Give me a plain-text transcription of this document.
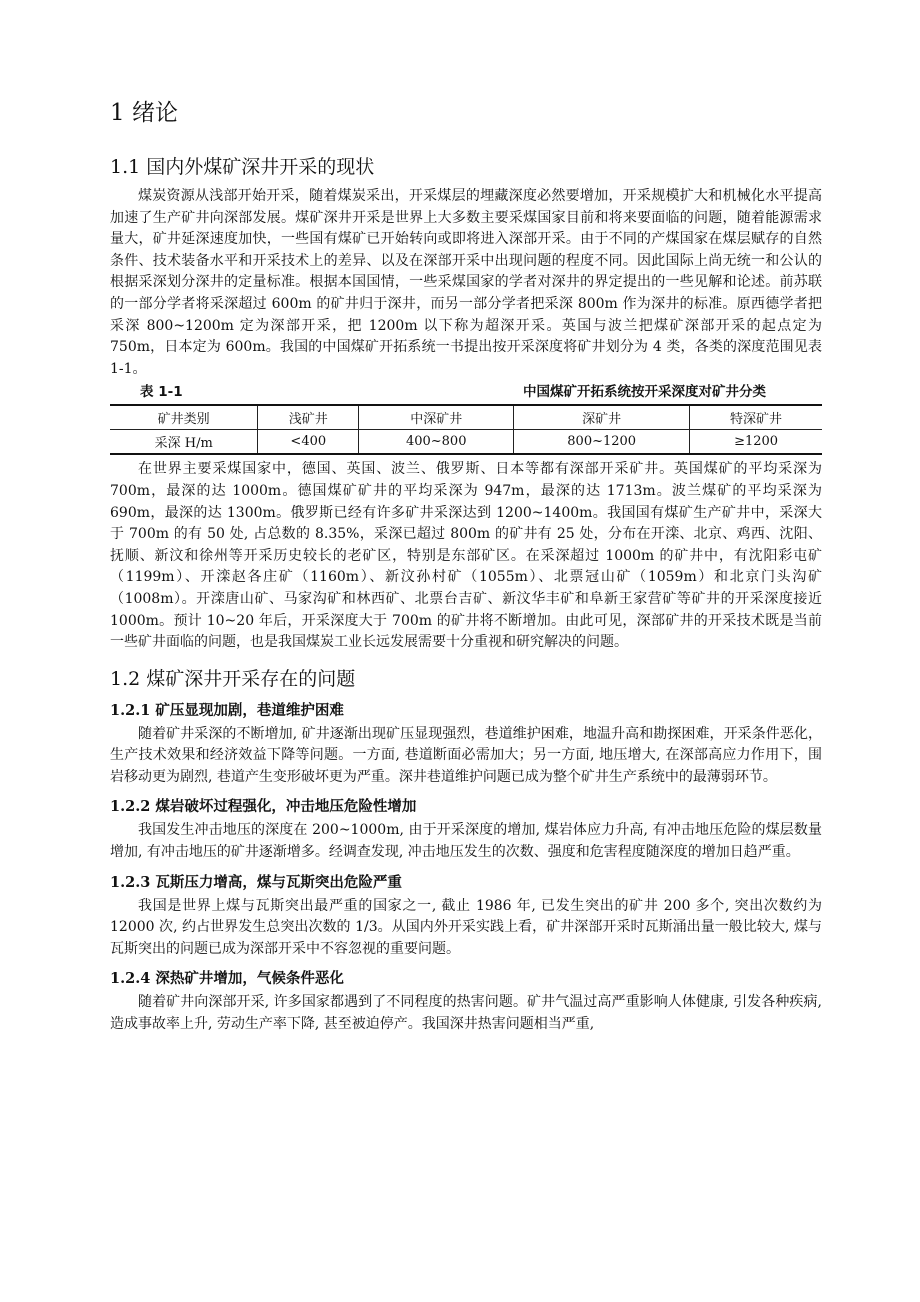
1 绪论
1.1 国内外煤矿深井开采的现状

煤炭资源从浅部开始开采，随着煤炭采出，开采煤层的埋藏深度必然要增加，开采规模扩大和机械化水平提高加速了生产矿井向深部发展。煤矿深井开采是世界上大多数主要采煤国家目前和将来要面临的问题，随着能源需求量大，矿井延深速度加快，一些国有煤矿已开始转向或即将进入深部开采。由于不同的产煤国家在煤层赋存的自然条件、技术装备水平和开采技术上的差异、以及在深部开采中出现问题的程度不同。因此国际上尚无统一和公认的根据采深划分深井的定量标准。根据本国国情，一些采煤国家的学者对深井的界定提出的一些见解和论述。前苏联的一部分学者将采深超过 600m 的矿井归于深井，而另一部分学者把采深 800m 作为深井的标准。原西德学者把采深 800~1200m 定为深部开采，把 1200m 以下称为超深开采。英国与波兰把煤矿深部开采的起点定为 750m，日本定为 600m。我国的中国煤矿开拓系统一书提出按开采深度将矿井划分为 4 类，各类的深度范围见表 1-1。

表 1-1	中国煤矿开拓系统按开采深度对矿井分类
矿井类别	浅矿井	中深矿井	深矿井	特深矿井
采深 H/m	<400	400~800	800~1200	≥1200

在世界主要采煤国家中，德国、英国、波兰、俄罗斯、日本等都有深部开采矿井。英国煤矿的平均采深为 700m，最深的达 1000m。德国煤矿矿井的平均采深为 947m，最深的达 1713m。波兰煤矿的平均采深为 690m，最深的达 1300m。俄罗斯已经有许多矿井采深达到 1200~1400m。我国国有煤矿生产矿井中，采深大于 700m 的有 50 处, 占总数的 8.35%，采深已超过 800m 的矿井有 25 处，分布在开滦、北京、鸡西、沈阳、抚顺、新汶和徐州等开采历史较长的老矿区，特别是东部矿区。在采深超过 1000m 的矿井中，有沈阳彩屯矿（1199m）、开滦赵各庄矿（1160m）、新汶孙村矿（1055m）、北票冠山矿（1059m）和北京门头沟矿（1008m）。开滦唐山矿、马家沟矿和林西矿、北票台吉矿、新汶华丰矿和阜新王家营矿等矿井的开采深度接近 1000m。预计 10~20 年后，开采深度大于 700m 的矿井将不断增加。由此可见，深部矿井的开采技术既是当前一些矿井面临的问题，也是我国煤炭工业长远发展需要十分重视和研究解决的问题。

1.2 煤矿深井开采存在的问题
1.2.1 矿压显现加剧，巷道维护困难

随着矿井采深的不断增加, 矿井逐渐出现矿压显现强烈，巷道维护困难，地温升高和勘探困难，开采条件恶化，生产技术效果和经济效益下降等问题。一方面, 巷道断面必需加大；另一方面, 地压增大, 在深部高应力作用下，围岩移动更为剧烈, 巷道产生变形破坏更为严重。深井巷道维护问题已成为整个矿井生产系统中的最薄弱环节。

1.2.2 煤岩破坏过程强化，冲击地压危险性增加

我国发生冲击地压的深度在 200~1000m, 由于开采深度的增加, 煤岩体应力升高, 有冲击地压危险的煤层数量增加, 有冲击地压的矿井逐渐增多。经调查发现, 冲击地压发生的次数、强度和危害程度随深度的增加日趋严重。

1.2.3 瓦斯压力增高，煤与瓦斯突出危险严重

我国是世界上煤与瓦斯突出最严重的国家之一, 截止 1986 年, 已发生突出的矿井 200 多个, 突出次数约为 12000 次, 约占世界发生总突出次数的 1/3。从国内外开采实践上看，矿井深部开采时瓦斯涌出量一般比较大, 煤与瓦斯突出的问题已成为深部开采中不容忽视的重要问题。

1.2.4 深热矿井增加，气候条件恶化

随着矿井向深部开采, 许多国家都遇到了不同程度的热害问题。矿井气温过高严重影响人体健康, 引发各种疾病, 造成事故率上升, 劳动生产率下降, 甚至被迫停产。我国深井热害问题相当严重,
